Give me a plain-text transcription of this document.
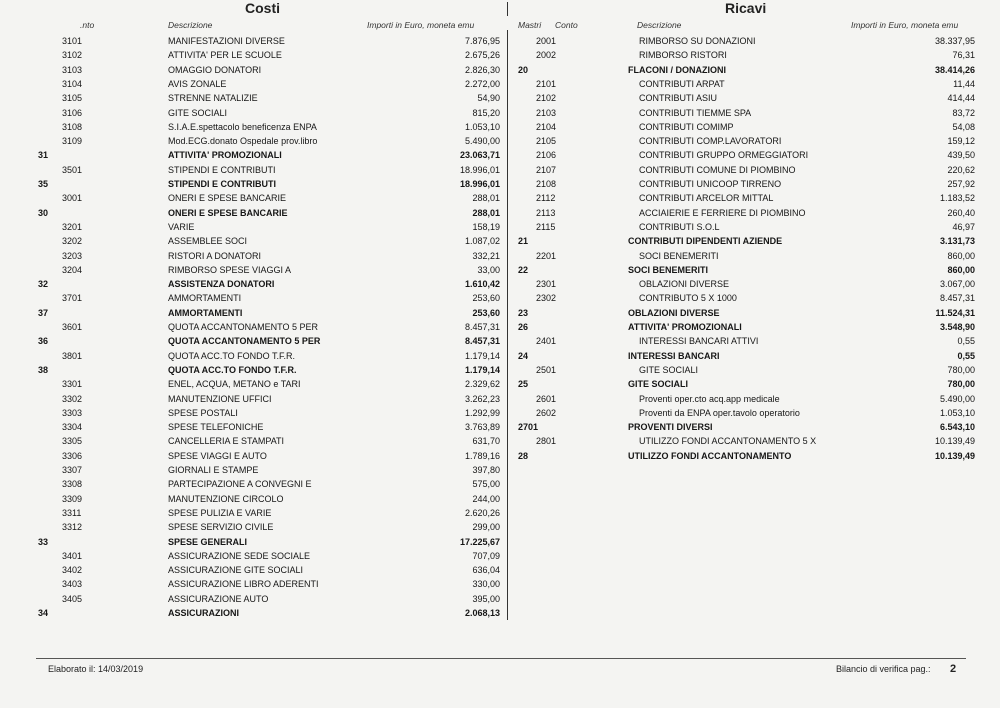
Costi	Ricavi
.nto	Descrizione	Importi in Euro, moneta emu	Mastri Conto	Descrizione	Importi in Euro, moneta emu
3101	MANIFESTAZIONI DIVERSE	7.876,95
3102	ATTIVITA' PER LE SCUOLE	2.675,26
3103	OMAGGIO DONATORI	2.826,30
3104	AVIS ZONALE	2.272,00
3105	STRENNE NATALIZIE	54,90
3106	GITE SOCIALI	815,20
3108	S.I.A.E.spettacolo beneficenza ENPA	1.053,10
3109	Mod.ECG.donato Ospedale prov.libro	5.490,00
31	ATTIVITA' PROMOZIONALI	23.063,71
3501	STIPENDI E CONTRIBUTI	18.996,01
35	STIPENDI E CONTRIBUTI	18.996,01
3001	ONERI E SPESE BANCARIE	288,01
30	ONERI E SPESE BANCARIE	288,01
3201	VARIE	158,19
3202	ASSEMBLEE SOCI	1.087,02
3203	RISTORI A DONATORI	332,21
3204	RIMBORSO SPESE VIAGGI A	33,00
32	ASSISTENZA DONATORI	1.610,42
3701	AMMORTAMENTI	253,60
37	AMMORTAMENTI	253,60
3601	QUOTA ACCANTONAMENTO 5 PER	8.457,31
36	QUOTA ACCANTONAMENTO 5 PER	8.457,31
3801	QUOTA ACC.TO FONDO T.F.R.	1.179,14
38	QUOTA ACC.TO FONDO T.F.R.	1.179,14
3301	ENEL, ACQUA, METANO e TARI	2.329,62
3302	MANUTENZIONE UFFICI	3.262,23
3303	SPESE POSTALI	1.292,99
3304	SPESE TELEFONICHE	3.763,89
3305	CANCELLERIA E STAMPATI	631,70
3306	SPESE VIAGGI E AUTO	1.789,16
3307	GIORNALI E STAMPE	397,80
3308	PARTECIPAZIONE A CONVEGNI E	575,00
3309	MANUTENZIONE CIRCOLO	244,00
3311	SPESE PULIZIA E VARIE	2.620,26
3312	SPESE SERVIZIO CIVILE	299,00
33	SPESE GENERALI	17.225,67
3401	ASSICURAZIONE SEDE SOCIALE	707,09
3402	ASSICURAZIONE GITE SOCIALI	636,04
3403	ASSICURAZIONE LIBRO ADERENTI	330,00
3405	ASSICURAZIONE AUTO	395,00
34	ASSICURAZIONI	2.068,13
2001	RIMBORSO SU DONAZIONI	38.337,95
2002	RIMBORSO RISTORI	76,31
20	FLACONI / DONAZIONI	38.414,26
2101	CONTRIBUTI ARPAT	11,44
2102	CONTRIBUTI ASIU	414,44
2103	CONTRIBUTI TIEMME SPA	83,72
2104	CONTRIBUTI COMIMP	54,08
2105	CONTRIBUTI COMP.LAVORATORI	159,12
2106	CONTRIBUTI GRUPPO ORMEGGIATORI	439,50
2107	CONTRIBUTI COMUNE DI PIOMBINO	220,62
2108	CONTRIBUTI UNICOOP TIRRENO	257,92
2112	CONTRIBUTI ARCELOR MITTAL	1.183,52
2113	ACCIAIERIE E FERRIERE DI PIOMBINO	260,40
2115	CONTRIBUTI S.O.L	46,97
21	CONTRIBUTI DIPENDENTI AZIENDE	3.131,73
2201	SOCI BENEMERITI	860,00
22	SOCI BENEMERITI	860,00
2301	OBLAZIONI DIVERSE	3.067,00
2302	CONTRIBUTO 5 X 1000	8.457,31
23	OBLAZIONI DIVERSE	11.524,31
26	ATTIVITA' PROMOZIONALI	3.548,90
2401	INTERESSI BANCARI ATTIVI	0,55
24	INTERESSI BANCARI	0,55
2501	GITE SOCIALI	780,00
25	GITE SOCIALI	780,00
2601	Proventi oper.cto acq.app medicale	5.490,00
2602	Proventi da ENPA oper.tavolo operatorio	1.053,10
2701	PROVENTI DIVERSI	6.543,10
2801	UTILIZZO FONDI ACCANTONAMENTO 5 X	10.139,49
28	UTILIZZO FONDI ACCANTONAMENTO	10.139,49
Elaborato il: 14/03/2019	Bilancio di verifica pag.: 2
